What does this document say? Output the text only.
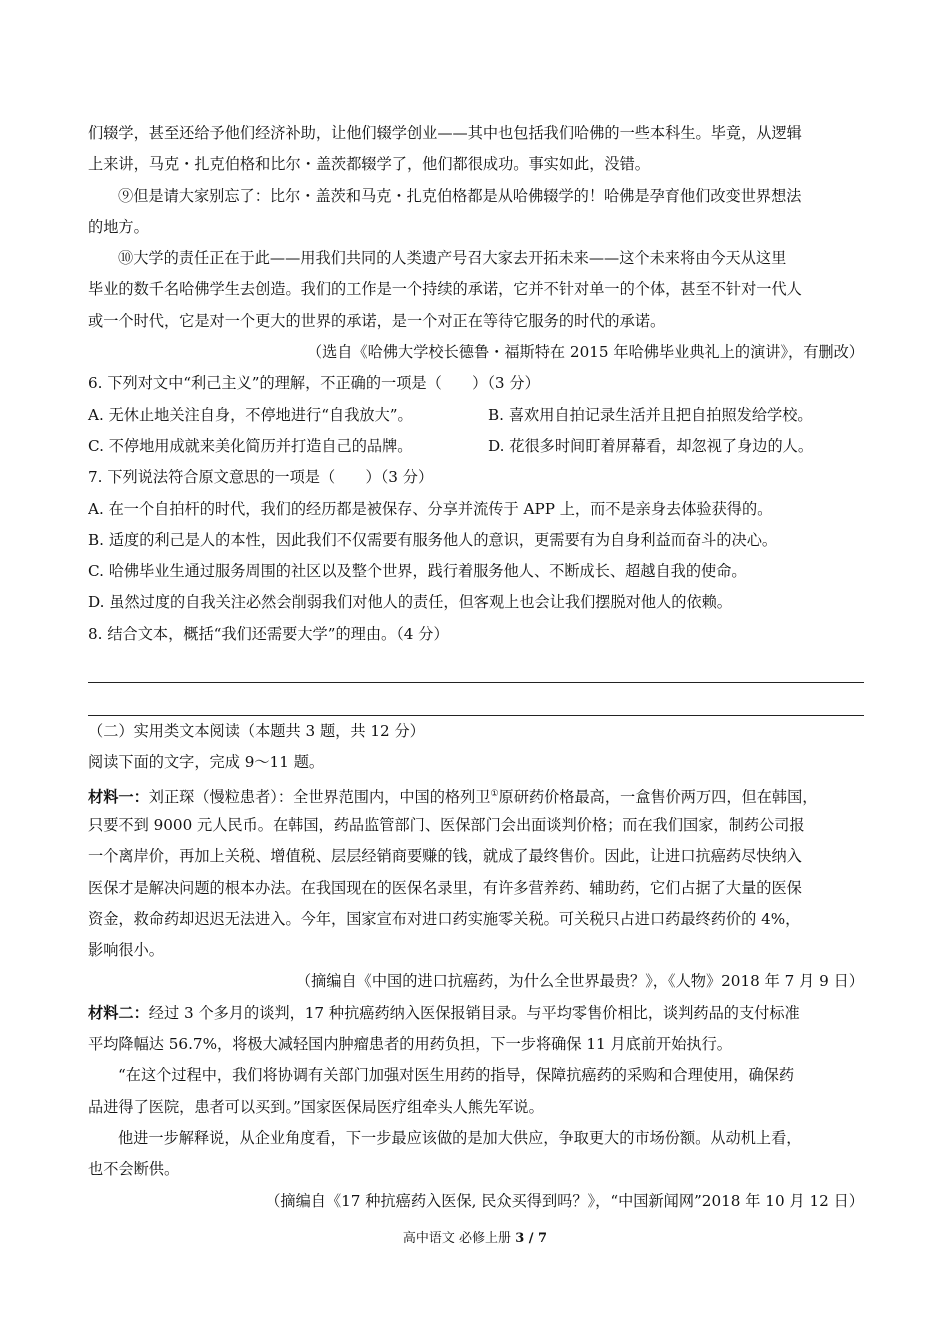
们辍学，甚至还给予他们经济补助，让他们辍学创业——其中也包括我们哈佛的一些本科生。毕竟，从逻辑
上来讲，马克・扎克伯格和比尔・盖茨都辍学了，他们都很成功。事实如此，没错。
⑨但是请大家别忘了：比尔・盖茨和马克・扎克伯格都是从哈佛辍学的！哈佛是孕育他们改变世界想法
的地方。
⑩大学的责任正在于此——用我们共同的人类遗产号召大家去开拓未来——这个未来将由今天从这里
毕业的数千名哈佛学生去创造。我们的工作是一个持续的承诺，它并不针对单一的个体，甚至不针对一代人
或一个时代，它是对一个更大的世界的承诺，是一个对正在等待它服务的时代的承诺。
（选自《哈佛大学校长德鲁・福斯特在 2015 年哈佛毕业典礼上的演讲》，有删改）
6. 下列对文中“利己主义”的理解，不正确的一项是（　　）（3 分）
A. 无休止地关注自身，不停地进行“自我放大”。	B. 喜欢用自拍记录生活并且把自拍照发给学校。
C. 不停地用成就来美化简历并打造自己的品牌。	D. 花很多时间盯着屏幕看，却忽视了身边的人。
7. 下列说法符合原文意思的一项是（　　）（3 分）
A. 在一个自拍杆的时代，我们的经历都是被保存、分享并流传于 APP 上，而不是亲身去体验获得的。
B. 适度的利己是人的本性，因此我们不仅需要有服务他人的意识，更需要有为自身利益而奋斗的决心。
C. 哈佛毕业生通过服务周围的社区以及整个世界，践行着服务他人、不断成长、超越自我的使命。
D. 虽然过度的自我关注必然会削弱我们对他人的责任，但客观上也会让我们摆脱对他人的依赖。
8. 结合文本，概括“我们还需要大学”的理由。（4 分）
（二）实用类文本阅读（本题共 3 题，共 12 分）
阅读下面的文字，完成 9～11 题。
材料一：刘正琛（慢粒患者）：全世界范围内，中国的格列卫①原研药价格最高，一盒售价两万四，但在韩国，
只要不到 9000 元人民币。在韩国，药品监管部门、医保部门会出面谈判价格；而在我们国家，制药公司报
一个离岸价，再加上关税、增值税、层层经销商要赚的钱，就成了最终售价。因此，让进口抗癌药尽快纳入
医保才是解决问题的根本办法。在我国现在的医保名录里，有许多营养药、辅助药，它们占据了大量的医保
资金，救命药却迟迟无法进入。今年，国家宣布对进口药实施零关税。可关税只占进口药最终药价的 4%，
影响很小。
（摘编自《中国的进口抗癌药，为什么全世界最贵？》，《人物》2018 年 7 月 9 日）
材料二：经过 3 个多月的谈判，17 种抗癌药纳入医保报销目录。与平均零售价相比，谈判药品的支付标准
平均降幅达 56.7%，将极大减轻国内肿瘤患者的用药负担，下一步将确保 11 月底前开始执行。
“在这个过程中，我们将协调有关部门加强对医生用药的指导，保障抗癌药的采购和合理使用，确保药
品进得了医院，患者可以买到。”国家医保局医疗组牵头人熊先军说。
他进一步解释说，从企业角度看，下一步最应该做的是加大供应，争取更大的市场份额。从动机上看，
也不会断供。
（摘编自《17 种抗癌药入医保, 民众买得到吗？》，“中国新闻网”2018 年 10 月 12 日）
高中语文 必修上册 3 / 7
